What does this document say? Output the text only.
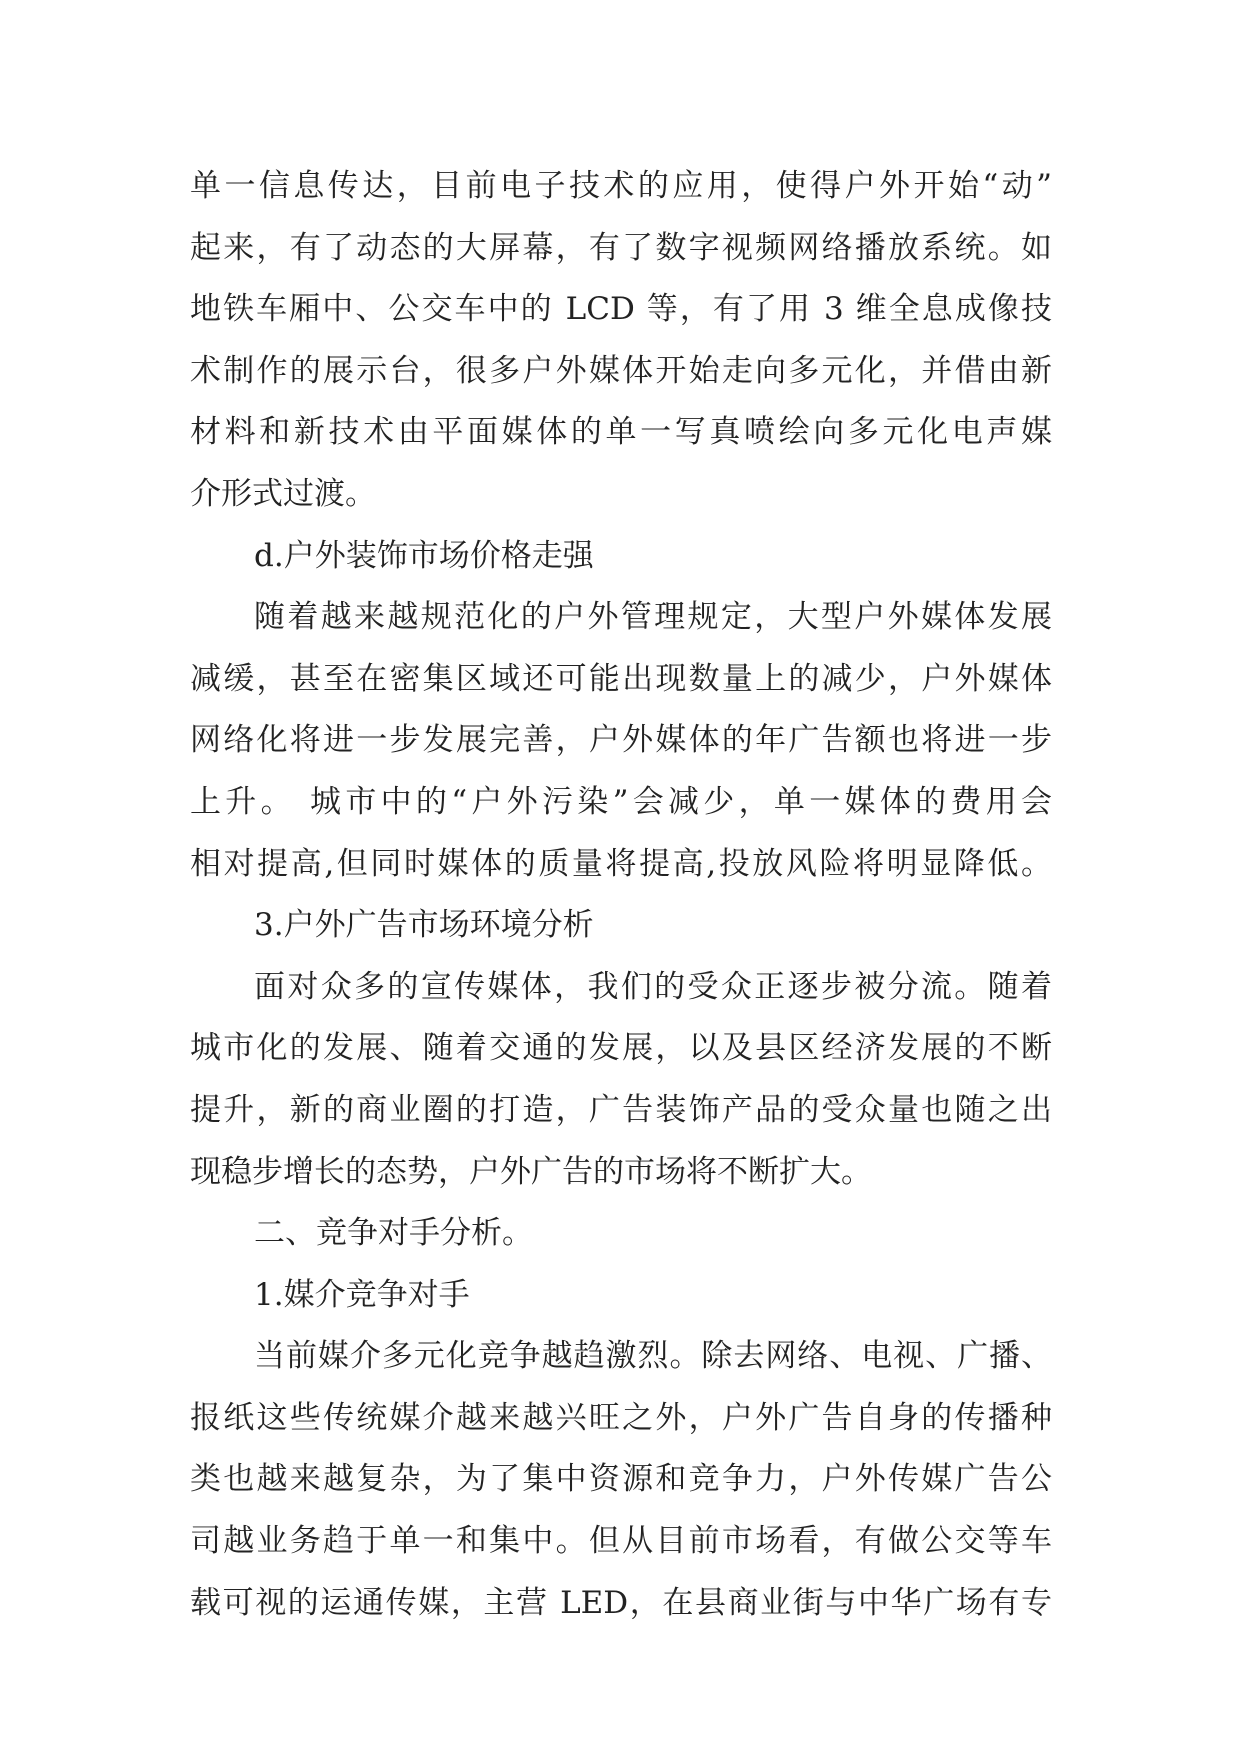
单一信息传达，目前电子技术的应用，使得户外开始“动”
起来，有了动态的大屏幕，有了数字视频网络播放系统。如
地铁车厢中、公交车中的 LCD 等，有了用 3 维全息成像技
术制作的展示台，很多户外媒体开始走向多元化，并借由新
材料和新技术由平面媒体的单一写真喷绘向多元化电声媒
介形式过渡。
d.户外装饰市场价格走强
随着越来越规范化的户外管理规定，大型户外媒体发展
减缓，甚至在密集区域还可能出现数量上的减少，户外媒体
网络化将进一步发展完善，户外媒体的年广告额也将进一步
上升。 城市中的“户外污染”会减少，单一媒体的费用会
相对提高,但同时媒体的质量将提高,投放风险将明显降低。
3.户外广告市场环境分析
面对众多的宣传媒体，我们的受众正逐步被分流。随着
城市化的发展、随着交通的发展，以及县区经济发展的不断
提升，新的商业圈的打造，广告装饰产品的受众量也随之出
现稳步增长的态势，户外广告的市场将不断扩大。
二、竞争对手分析。
1.媒介竞争对手
当前媒介多元化竞争越趋激烈。除去网络、电视、广播、
报纸这些传统媒介越来越兴旺之外，户外广告自身的传播种
类也越来越复杂，为了集中资源和竞争力，户外传媒广告公
司越业务趋于单一和集中。但从目前市场看，有做公交等车
载可视的运通传媒，主营 LED，在县商业街与中华广场有专
